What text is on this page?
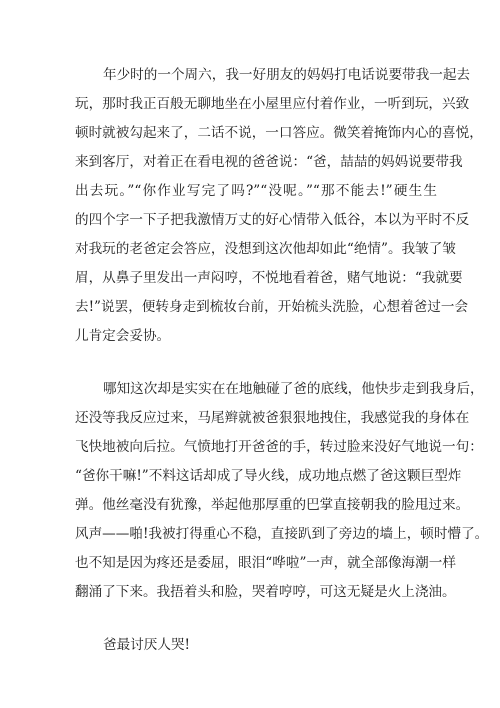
年少时的一个周六，我一好朋友的妈妈打电话说要带我一起去
玩，那时我正百般无聊地坐在小屋里应付着作业，一听到玩，兴致
顿时就被勾起来了，二话不说，一口答应。微笑着掩饰内心的喜悦，
来到客厅，对着正在看电视的爸爸说：“爸，喆喆的妈妈说要带我
出去玩。”“你作业写完了吗?”“没呢。”“那不能去!”硬生生
的四个字一下子把我激情万丈的好心情带入低谷，本以为平时不反
对我玩的老爸定会答应，没想到这次他却如此“绝情”。我皱了皱
眉，从鼻子里发出一声闷哼，不悦地看着爸，赌气地说：“我就要
去!”说罢，便转身走到梳妆台前，开始梳头洗脸，心想着爸过一会
儿肯定会妥协。
哪知这次却是实实在在地触碰了爸的底线，他快步走到我身后，
还没等我反应过来，马尾辫就被爸狠狠地拽住，我感觉我的身体在
飞快地被向后拉。气愤地打开爸爸的手，转过脸来没好气地说一句：
“爸你干嘛!”不料这话却成了导火线，成功地点燃了爸这颗巨型炸
弹。他丝毫没有犹豫，举起他那厚重的巴掌直接朝我的脸甩过来。
风声——啪!我被打得重心不稳，直接趴到了旁边的墙上，顿时懵了。
也不知是因为疼还是委屈，眼泪“哗啦”一声，就全部像海潮一样
翻涌了下来。我捂着头和脸，哭着哼哼，可这无疑是火上浇油。
爸最讨厌人哭!
